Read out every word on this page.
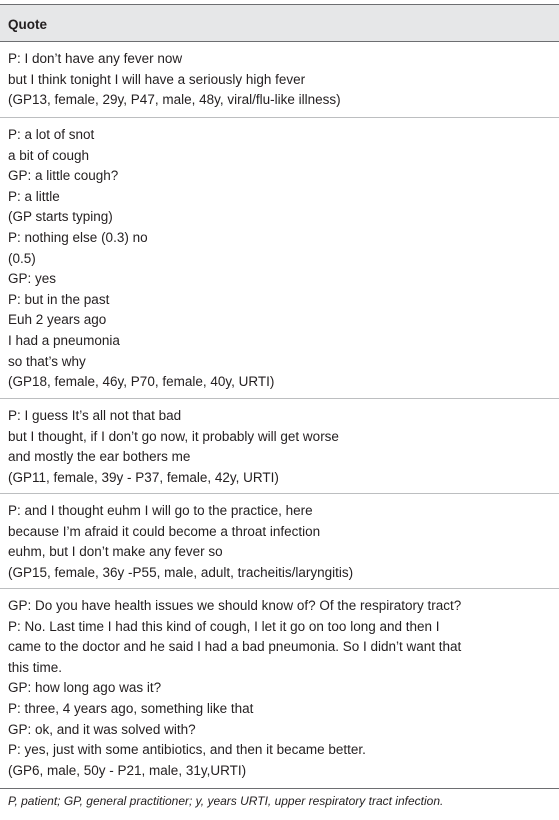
Quote
P: I don’t have any fever now
but I think tonight I will have a seriously high fever
(GP13, female, 29y, P47, male, 48y, viral/flu-like illness)
P: a lot of snot
a bit of cough
GP: a little cough?
P: a little
(GP starts typing)
P: nothing else (0.3) no
(0.5)
GP: yes
P: but in the past
Euh 2 years ago
I had a pneumonia
so that’s why
(GP18, female, 46y, P70, female, 40y, URTI)
P: I guess It’s all not that bad
but I thought, if I don’t go now, it probably will get worse
and mostly the ear bothers me
(GP11, female, 39y - P37, female, 42y, URTI)
P: and I thought euhm I will go to the practice, here
because I’m afraid it could become a throat infection
euhm, but I don’t make any fever so
(GP15, female, 36y -P55, male, adult, tracheitis/laryngitis)
GP: Do you have health issues we should know of? Of the respiratory tract?
P: No. Last time I had this kind of cough, I let it go on too long and then I
came to the doctor and he said I had a bad pneumonia. So I didn’t want that
this time.
GP: how long ago was it?
P: three, 4 years ago, something like that
GP: ok, and it was solved with?
P: yes, just with some antibiotics, and then it became better.
(GP6, male, 50y - P21, male, 31y,URTI)
P, patient; GP, general practitioner; y, years URTI, upper respiratory tract infection.
